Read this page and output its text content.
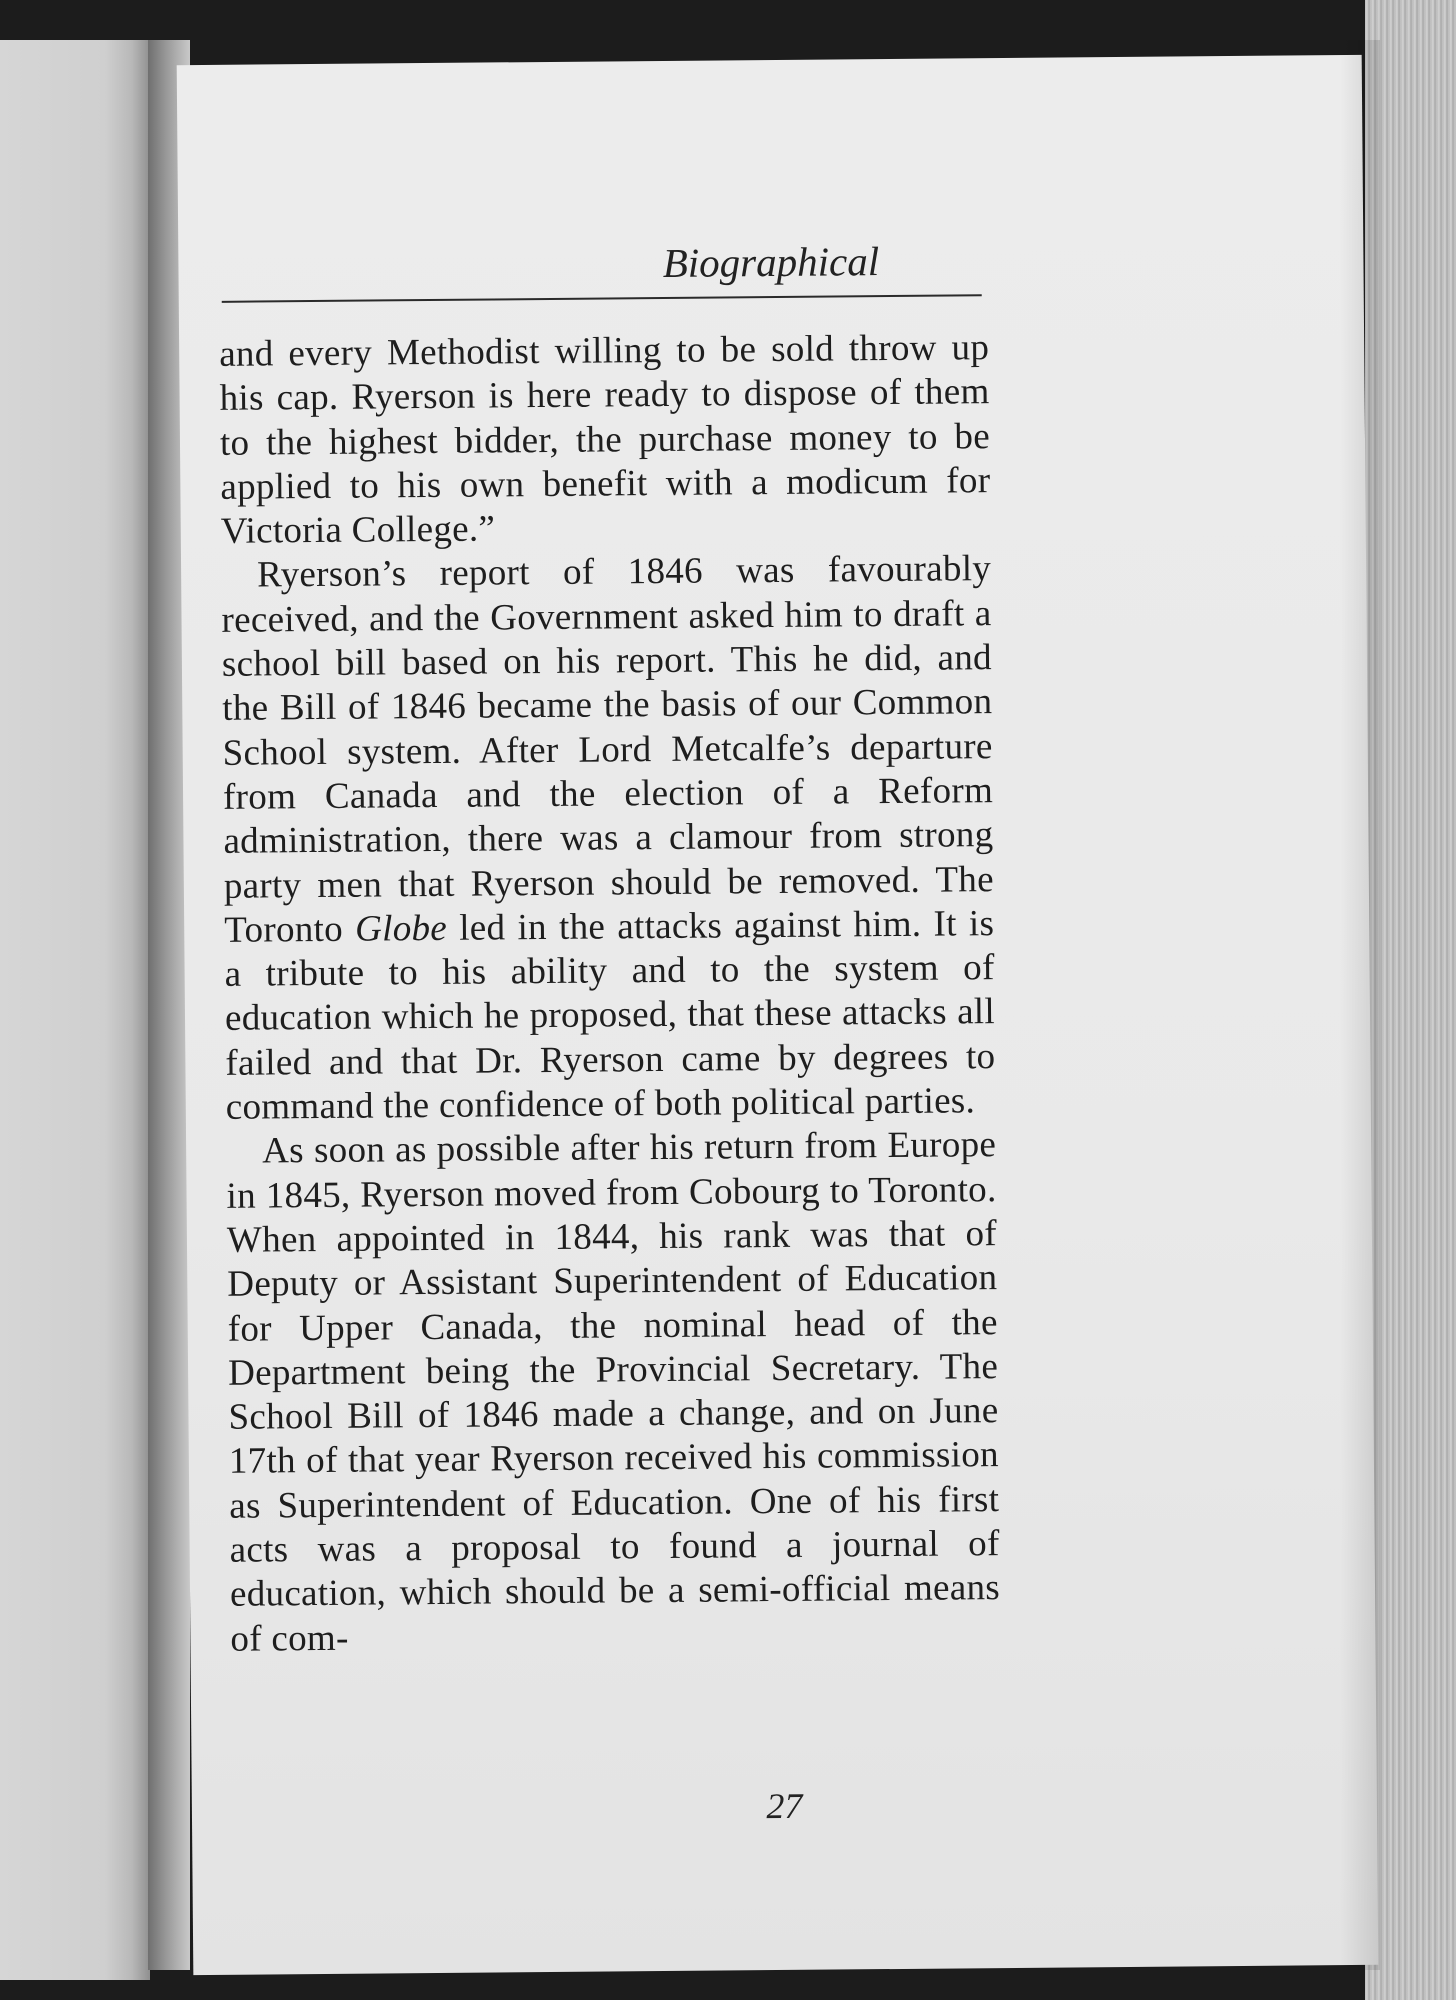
Biographical

and every Methodist willing to be sold throw up his cap. Ryerson is here ready to dispose of them to the highest bidder, the purchase money to be applied to his own benefit with a modicum for Victoria College.”

Ryerson’s report of 1846 was favourably received, and the Government asked him to draft a school bill based on his report. This he did, and the Bill of 1846 became the basis of our Common School system. After Lord Metcalfe’s departure from Canada and the election of a Reform administration, there was a clamour from strong party men that Ryerson should be removed. The Toronto Globe led in the attacks against him. It is a tribute to his ability and to the system of education which he proposed, that these attacks all failed and that Dr. Ryerson came by degrees to command the confidence of both political parties.

As soon as possible after his return from Europe in 1845, Ryerson moved from Cobourg to Toronto. When appointed in 1844, his rank was that of Deputy or Assistant Superintendent of Education for Upper Canada, the nominal head of the Department being the Provincial Secretary. The School Bill of 1846 made a change, and on June 17th of that year Ryerson received his commission as Superintendent of Education. One of his first acts was a proposal to found a journal of education, which should be a semi-official means of com-

27
